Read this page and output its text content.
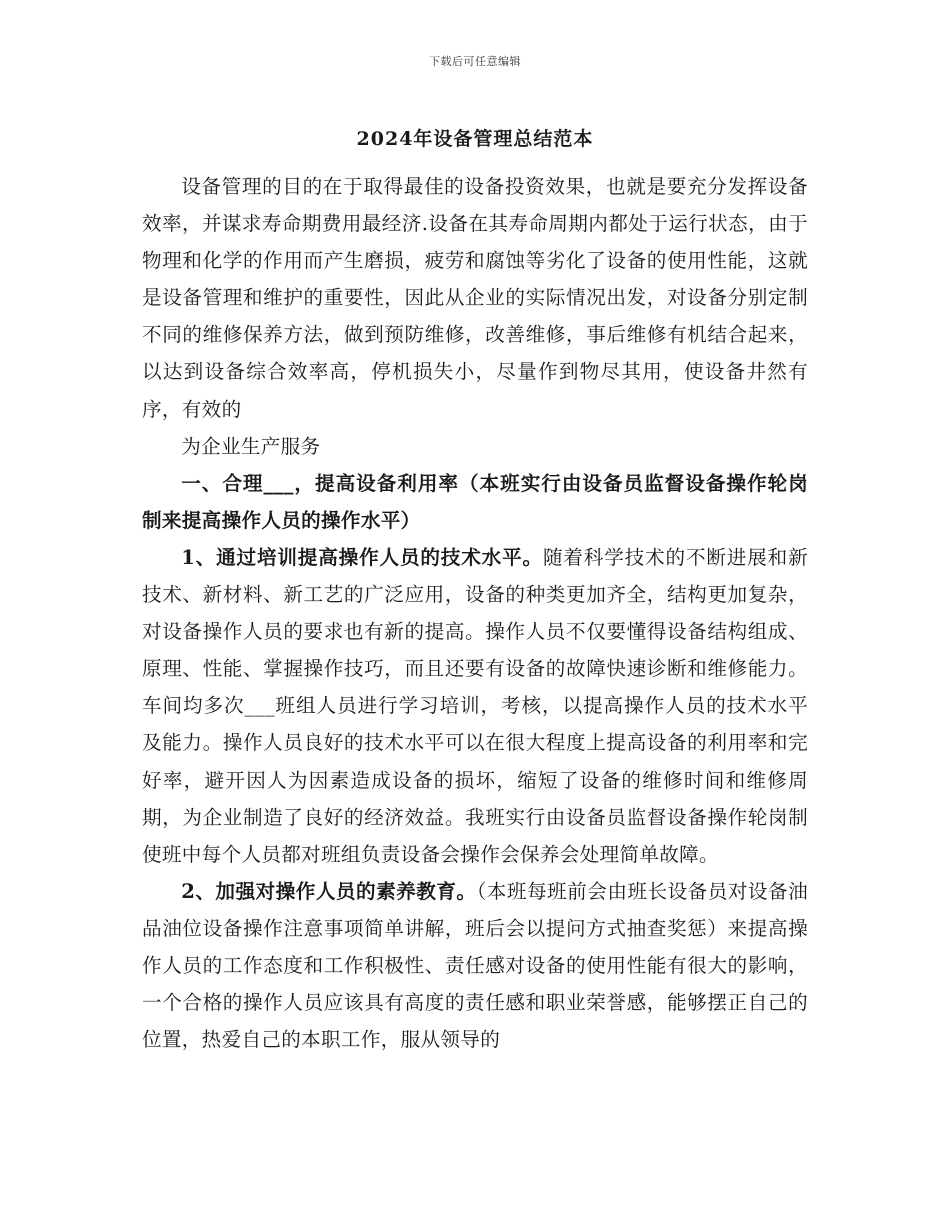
下载后可任意编辑
2024年设备管理总结范本

设备管理的目的在于取得最佳的设备投资效果，也就是要充分发挥设备效率，并谋求寿命期费用最经济.设备在其寿命周期内都处于运行状态，由于物理和化学的作用而产生磨损，疲劳和腐蚀等劣化了设备的使用性能，这就是设备管理和维护的重要性，因此从企业的实际情况出发，对设备分别定制不同的维修保养方法，做到预防维修，改善维修，事后维修有机结合起来，以达到设备综合效率高，停机损失小，尽量作到物尽其用，使设备井然有序，有效的

为企业生产服务

一、合理___，提高设备利用率（本班实行由设备员监督设备操作轮岗制来提高操作人员的操作水平）

1、通过培训提高操作人员的技术水平。随着科学技术的不断进展和新技术、新材料、新工艺的广泛应用，设备的种类更加齐全，结构更加复杂，对设备操作人员的要求也有新的提高。操作人员不仅要懂得设备结构组成、原理、性能、掌握操作技巧，而且还要有设备的故障快速诊断和维修能力。车间均多次___班组人员进行学习培训，考核，以提高操作人员的技术水平及能力。操作人员良好的技术水平可以在很大程度上提高设备的利用率和完好率，避开因人为因素造成设备的损坏，缩短了设备的维修时间和维修周期，为企业制造了良好的经济效益。我班实行由设备员监督设备操作轮岗制使班中每个人员都对班组负责设备会操作会保养会处理简单故障。

2、加强对操作人员的素养教育。（本班每班前会由班长设备员对设备油品油位设备操作注意事项简单讲解，班后会以提问方式抽查奖惩）来提高操作人员的工作态度和工作积极性、责任感对设备的使用性能有很大的影响，一个合格的操作人员应该具有高度的责任感和职业荣誉感，能够摆正自己的位置，热爱自己的本职工作，服从领导的
